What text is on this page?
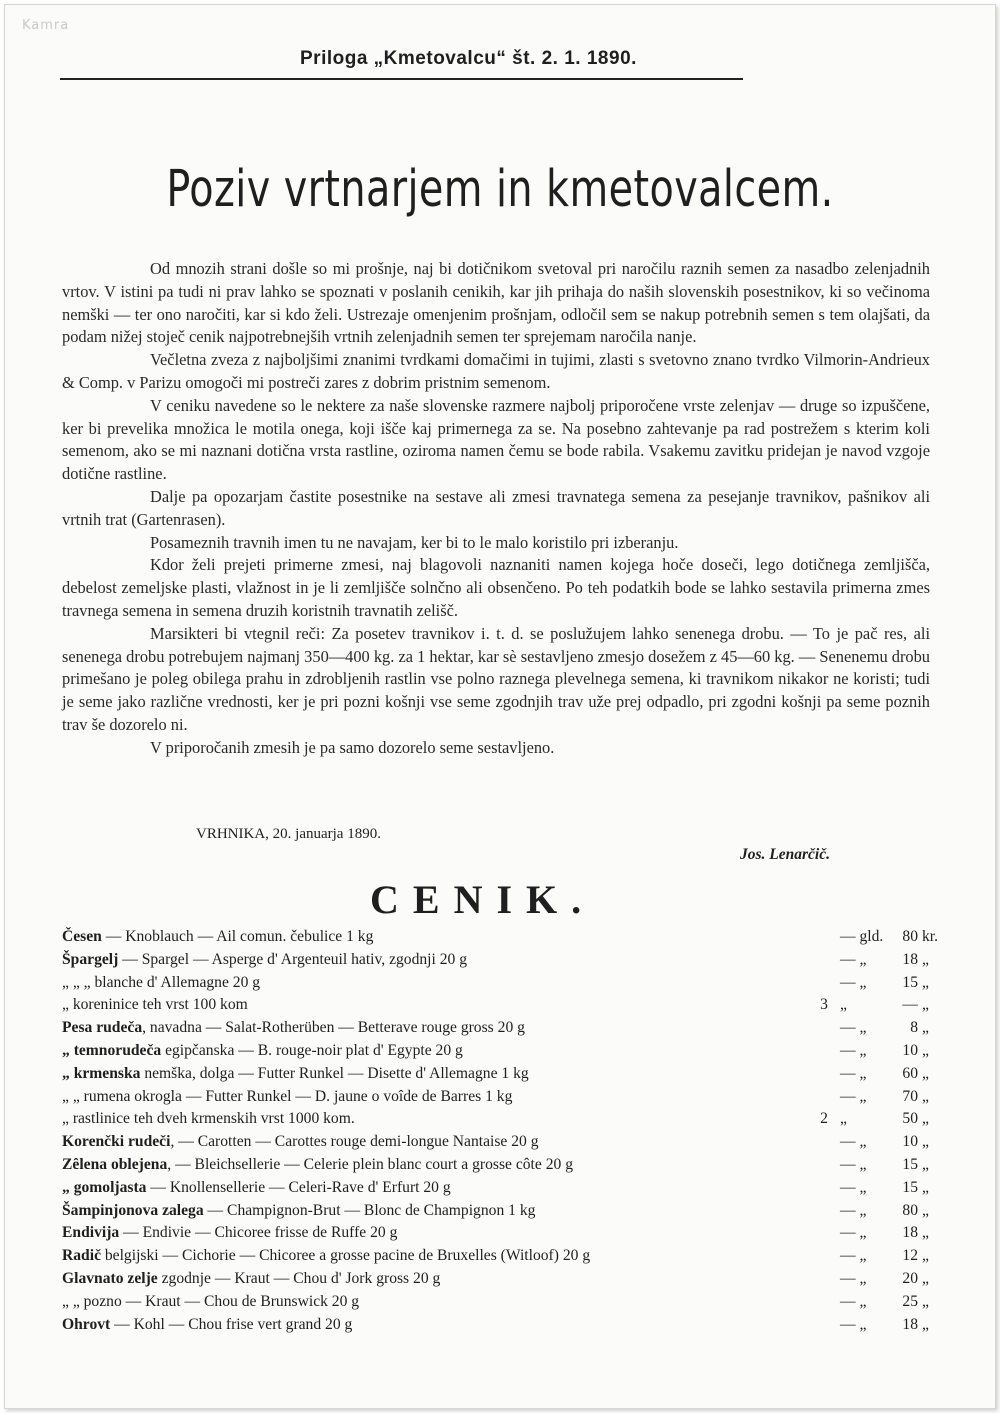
Kamra
Priloga „Kmetovalcu“ št. 2. 1. 1890.
Poziv vrtnarjem in kmetovalcem.

Od mnozih strani došle so mi prošnje, naj bi dotičnikom svetoval pri naročilu raznih semen za nasadbo zelenjadnih vrtov. V istini pa tudi ni prav lahko se spoznati v poslanih cenikih, kar jih prihaja do naših slovenskih posestnikov, ki so večinoma nemški — ter ono naročiti, kar si kdo želi. Ustrezaje omenjenim prošnjam, odločil sem se nakup potrebnih semen s tem olajšati, da podam nižej stoječ cenik najpotrebnejših vrtnih zelenjadnih semen ter sprejemam naročila nanje.

Večletna zveza z najboljšimi znanimi tvrdkami domačimi in tujimi, zlasti s svetovno znano tvrdko Vilmorin-Andrieux & Comp. v Parizu omogoči mi postreči zares z dobrim pristnim semenom.

V ceniku navedene so le nektere za naše slovenske razmere najbolj priporočene vrste zelenjav — druge so izpuščene, ker bi prevelika množica le motila onega, koji išče kaj primernega za se. Na posebno zahtevanje pa rad postrežem s kterim koli semenom, ako se mi naznani dotična vrsta rastline, oziroma namen čemu se bode rabila. Vsakemu zavitku pridejan je navod vzgoje dotične rastline.

Dalje pa opozarjam častite posestnike na sestave ali zmesi travnatega semena za pesejanje travnikov, pašnikov ali vrtnih trat (Gartenrasen).

Posameznih travnih imen tu ne navajam, ker bi to le malo koristilo pri izberanju.

Kdor želi prejeti primerne zmesi, naj blagovoli naznaniti namen kojega hoče doseči, lego dotičnega zemljišča, debelost zemeljske plasti, vlažnost in je li zemljišče solnčno ali obsenčeno. Po teh podatkih bode se lahko sestavila primerna zmes travnega semena in semena druzih koristnih travnatih zelišč.

Marsikteri bi vtegnil reči: Za posetev travnikov i. t. d. se poslužujem lahko senenega drobu. — To je pač res, ali senenega drobu potrebujem najmanj 350—400 kg. za 1 hektar, kar sè sestavljeno zmesjo dosežem z 45—60 kg. — Senenemu drobu primešano je poleg obilega prahu in zdrobljenih rastlin vse polno raznega plevelnega semena, ki travnikom nikakor ne koristi; tudi je seme jako različne vrednosti, ker je pri pozni košnji vse seme zgodnjih trav uže prej odpadlo, pri zgodni košnji pa seme poznih trav še dozorelo ni.

V priporočanih zmesih je pa samo dozorelo seme sestavljeno.

VRHNIKA, 20. januarja 1890.
Jos. Lenarčič.
CENIK.
Česen — Knoblauch — Ail comun. čebulice 1 kg	— gld.	80 kr.
Špargelj — Spargel — Asperge d' Argenteuil hativ, zgodnji 20 g	— „	18 „
„ „ „ blanche d' Allemagne 20 g	— „	15 „
„ koreninice teh vrst 100 kom	3 „	— „
Pesa rudeča, navadna — Salat-Rotherüben — Betterave rouge gross 20 g	— „	8 „
„ temnorudeča egipčanska — B. rouge-noir plat d' Egypte 20 g	— „	10 „
„ krmenska nemška, dolga — Futter Runkel — Disette d' Allemagne 1 kg	— „	60 „
„ „ rumena okrogla — Futter Runkel — D. jaune o voîde de Barres 1 kg	— „	70 „
„ rastlinice teh dveh krmenskih vrst 1000 kom.	2 „	50 „
Korenčki rudeči, — Carotten — Carottes rouge demi-longue Nantaise 20 g	— „	10 „
Zêlena oblejena, — Bleichsellerie — Celerie plein blanc court a grosse côte 20 g	— „	15 „
„ gomoljasta — Knollensellerie — Celeri-Rave d' Erfurt 20 g	— „	15 „
Šampinjonova zalega — Champignon-Brut — Blonc de Champignon 1 kg	— „	80 „
Endivija — Endivie — Chicoree frisse de Ruffe 20 g	— „	18 „
Radič belgijski — Cichorie — Chicoree a grosse pacine de Bruxelles (Witloof) 20 g	— „	12 „
Glavnato zelje zgodnje — Kraut — Chou d' Jork gross 20 g	— „	20 „
„ „ pozno — Kraut — Chou de Brunswick 20 g	— „	25 „
Ohrovt — Kohl — Chou frise vert grand 20 g	— „	18 „
